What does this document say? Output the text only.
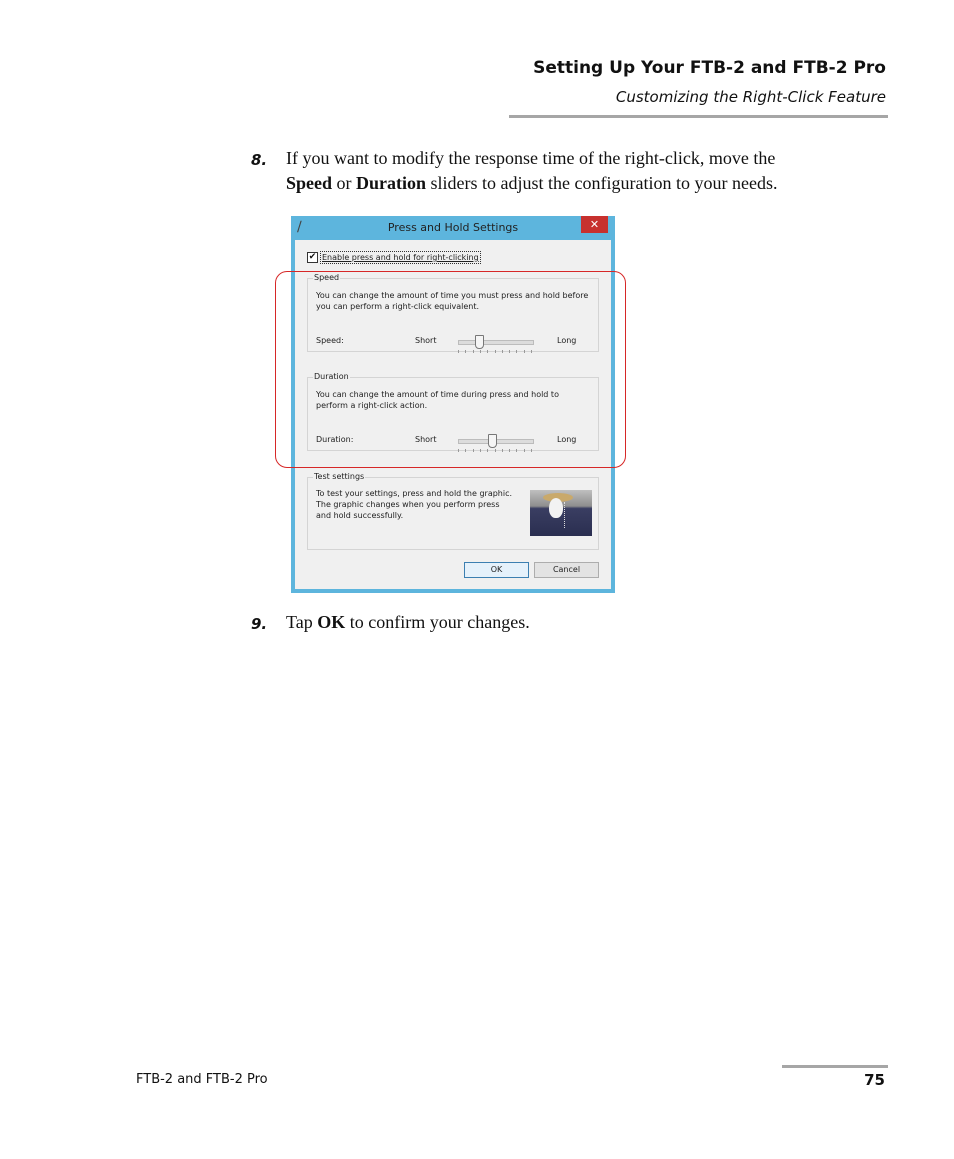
Setting Up Your FTB-2 and FTB-2 Pro
Customizing the Right-Click Feature
8. If you want to modify the response time of the right-click, move the
Speed or Duration sliders to adjust the configuration to your needs.
∕	Press and Hold Settings	✕
✔ Enable press and hold for right-clicking
Speed
You can change the amount of time you must press and hold before you can perform a right-click equivalent.
Speed:	Short	Long
Duration
You can change the amount of time during press and hold to perform a right-click action.
Duration:	Short	Long
Test settings
To test your settings, press and hold the graphic. The graphic changes when you perform press and hold successfully.
OK	Cancel
9. Tap OK to confirm your changes.
FTB-2 and FTB-2 Pro	75
